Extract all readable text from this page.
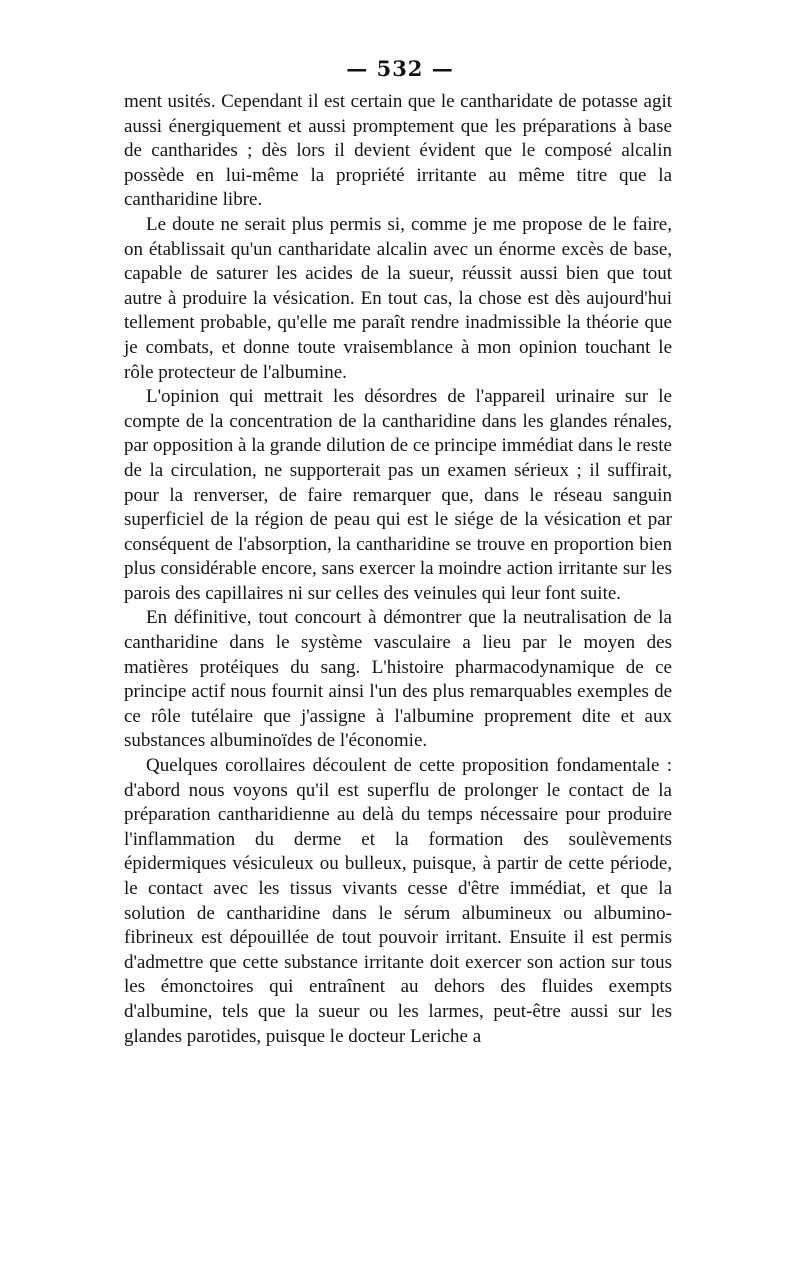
— 532 —

ment usités. Cependant il est certain que le cantharidate de potasse agit aussi énergiquement et aussi promptement que les préparations à base de cantharides ; dès lors il devient évident que le composé alcalin possède en lui-même la propriété irritante au même titre que la cantharidine libre.

Le doute ne serait plus permis si, comme je me propose de le faire, on établissait qu'un cantharidate alcalin avec un énorme excès de base, capable de saturer les acides de la sueur, réussit aussi bien que tout autre à produire la vésication. En tout cas, la chose est dès aujourd'hui tellement probable, qu'elle me paraît rendre inadmissible la théorie que je combats, et donne toute vraisemblance à mon opinion touchant le rôle protecteur de l'albumine.

L'opinion qui mettrait les désordres de l'appareil urinaire sur le compte de la concentration de la cantharidine dans les glandes rénales, par opposition à la grande dilution de ce principe immédiat dans le reste de la circulation, ne supporterait pas un examen sérieux ; il suffirait, pour la renverser, de faire remarquer que, dans le réseau sanguin superficiel de la région de peau qui est le siége de la vésication et par conséquent de l'absorption, la cantharidine se trouve en proportion bien plus considérable encore, sans exercer la moindre action irritante sur les parois des capillaires ni sur celles des veinules qui leur font suite.

En définitive, tout concourt à démontrer que la neutralisation de la cantharidine dans le système vasculaire a lieu par le moyen des matières protéiques du sang. L'histoire pharmacodynamique de ce principe actif nous fournit ainsi l'un des plus remarquables exemples de ce rôle tutélaire que j'assigne à l'albumine proprement dite et aux substances albuminoïdes de l'économie.

Quelques corollaires découlent de cette proposition fondamentale : d'abord nous voyons qu'il est superflu de prolonger le contact de la préparation cantharidienne au delà du temps nécessaire pour produire l'inflammation du derme et la formation des soulèvements épidermiques vésiculeux ou bulleux, puisque, à partir de cette période, le contact avec les tissus vivants cesse d'être immédiat, et que la solution de cantharidine dans le sérum albumineux ou albumino-fibrineux est dépouillée de tout pouvoir irritant. Ensuite il est permis d'admettre que cette substance irritante doit exercer son action sur tous les émonctoires qui entraînent au dehors des fluides exempts d'albumine, tels que la sueur ou les larmes, peut-être aussi sur les glandes parotides, puisque le docteur Leriche a
